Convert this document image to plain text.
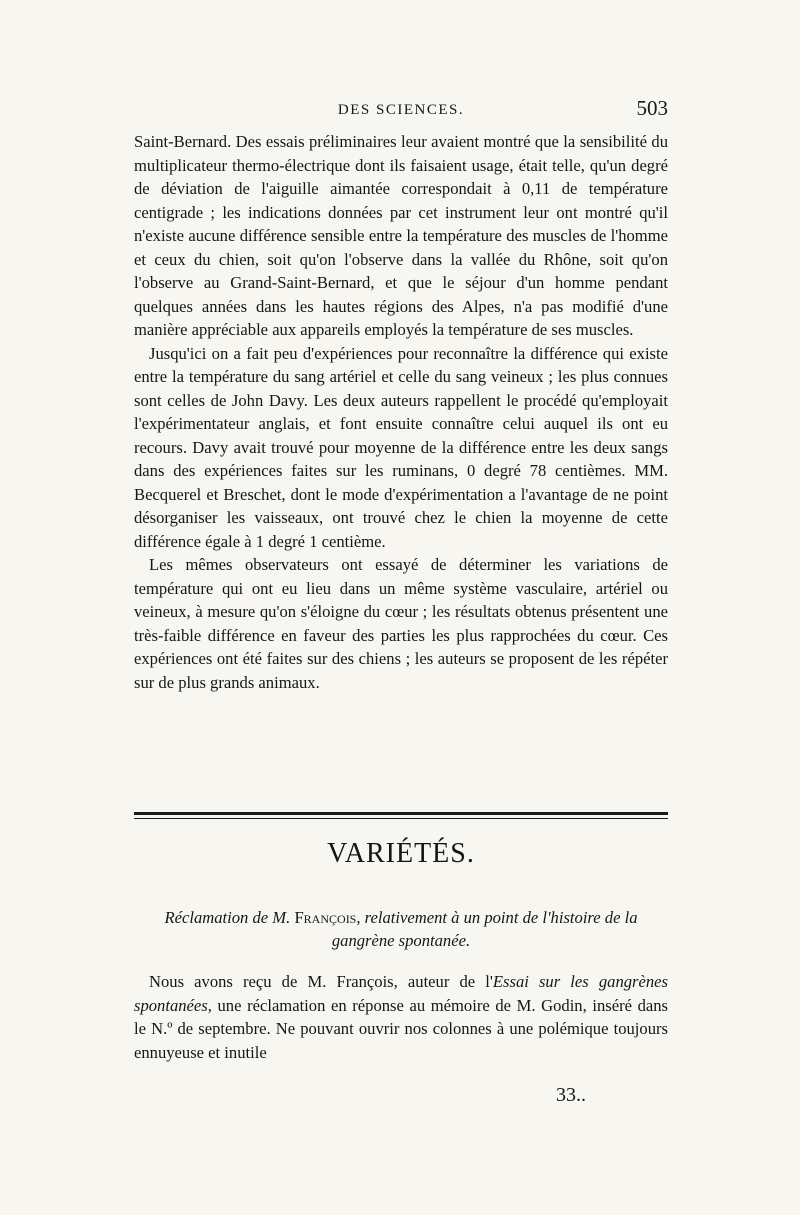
DES SCIENCES.	503

Saint-Bernard. Des essais préliminaires leur avaient montré que la sensibilité du multiplicateur thermo-électrique dont ils faisaient usage, était telle, qu'un degré de déviation de l'aiguille aimantée correspondait à 0,11 de température centigrade ; les indications données par cet instrument leur ont montré qu'il n'existe aucune différence sensible entre la température des muscles de l'homme et ceux du chien, soit qu'on l'observe dans la vallée du Rhône, soit qu'on l'observe au Grand-Saint-Bernard, et que le séjour d'un homme pendant quelques années dans les hautes régions des Alpes, n'a pas modifié d'une manière appréciable aux appareils employés la température de ses muscles.

Jusqu'ici on a fait peu d'expériences pour reconnaître la différence qui existe entre la température du sang artériel et celle du sang veineux ; les plus connues sont celles de John Davy. Les deux auteurs rappellent le procédé qu'employait l'expérimentateur anglais, et font ensuite connaître celui auquel ils ont eu recours. Davy avait trouvé pour moyenne de la différence entre les deux sangs dans des expériences faites sur les ruminans, 0 degré 78 centièmes. MM. Becquerel et Breschet, dont le mode d'expérimentation a l'avantage de ne point désorganiser les vaisseaux, ont trouvé chez le chien la moyenne de cette différence égale à 1 degré 1 centième.

Les mêmes observateurs ont essayé de déterminer les variations de température qui ont eu lieu dans un même système vasculaire, artériel ou veineux, à mesure qu'on s'éloigne du cœur ; les résultats obtenus présentent une très-faible différence en faveur des parties les plus rapprochées du cœur. Ces expériences ont été faites sur des chiens ; les auteurs se proposent de les répéter sur de plus grands animaux.

VARIÉTÉS.
Réclamation de M. François, relativement à un point de l'histoire de la gangrène spontanée.

Nous avons reçu de M. François, auteur de l'Essai sur les gangrènes spontanées, une réclamation en réponse au mémoire de M. Godin, inséré dans le N.º de septembre. Ne pouvant ouvrir nos colonnes à une polémique toujours ennuyeuse et inutile

33..
